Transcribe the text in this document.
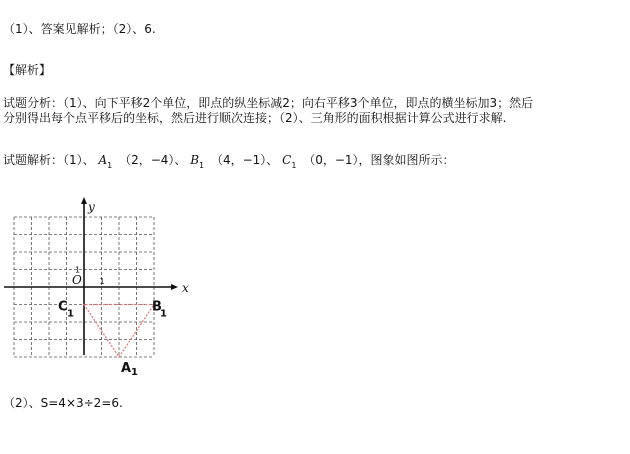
（1）、答案见解析；（2）、6.
【解析】
试题分析：（1）、向下平移2个单位，即点的纵坐标减2；向右平移3个单位，即点的横坐标加3；然后
分别得出每个点平移后的坐标，然后进行顺次连接；（2）、三角形的面积根据计算公式进行求解.
试题解析：（1）、 $A_1$ （2，−4）、 $B_1$ （4，−1）、 $C_1$ （0，−1），图象如图所示：
y
x
O 1
1
A 1
B
1
C 1
（2）、S=4×3÷2=6.
